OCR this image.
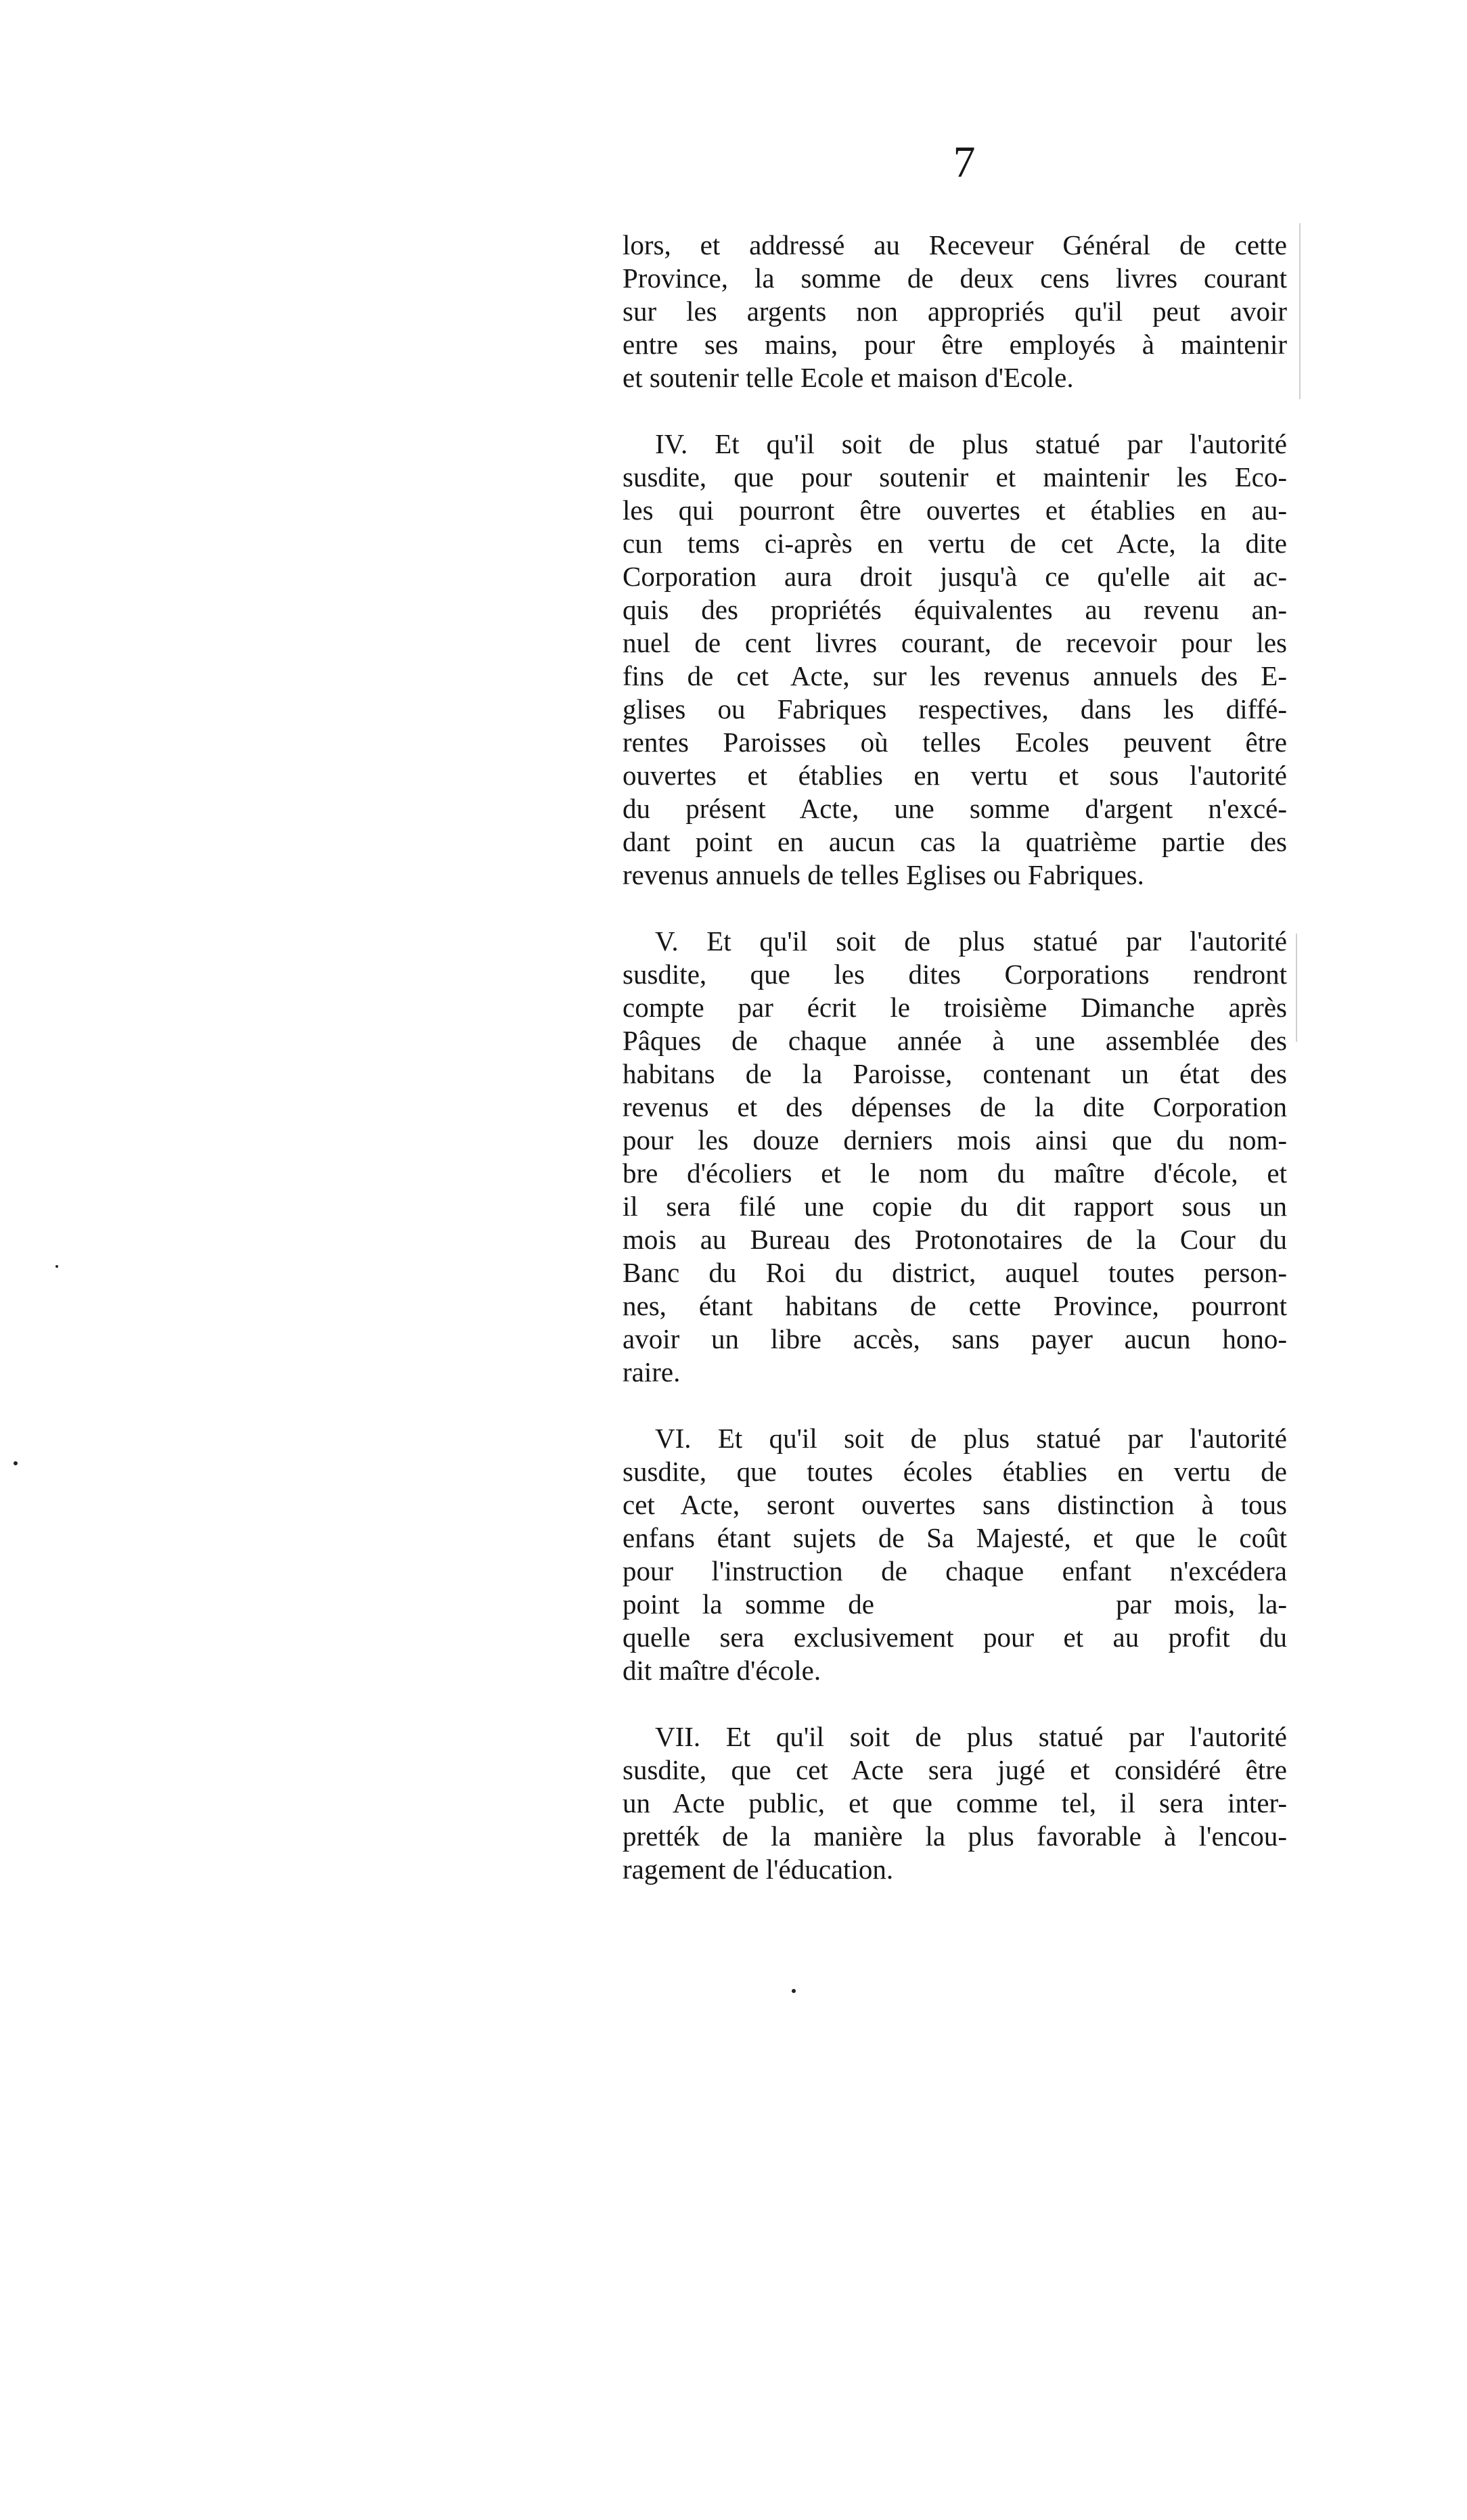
7
lors, et addressé au Receveur Général de cette
Province, la somme de deux cens livres courant
sur les argents non appropriés qu'il peut avoir
entre ses mains, pour être employés à maintenir
et soutenir telle Ecole et maison d'Ecole.
IV. Et qu'il soit de plus statué par l'autorité
susdite, que pour soutenir et maintenir les Eco-
les qui pourront être ouvertes et établies en au-
cun tems ci-après en vertu de cet Acte, la dite
Corporation aura droit jusqu'à ce qu'elle ait ac-
quis des propriétés équivalentes au revenu an-
nuel de cent livres courant, de recevoir pour les
fins de cet Acte, sur les revenus annuels des E-
glises ou Fabriques respectives, dans les diffé-
rentes Paroisses où telles Ecoles peuvent être
ouvertes et établies en vertu et sous l'autorité
du présent Acte, une somme d'argent n'excé-
dant point en aucun cas la quatrième partie des
revenus annuels de telles Eglises ou Fabriques.
V. Et qu'il soit de plus statué par l'autorité
susdite, que les dites Corporations rendront
compte par écrit le troisième Dimanche après
Pâques de chaque année à une assemblée des
habitans de la Paroisse, contenant un état des
revenus et des dépenses de la dite Corporation
pour les douze derniers mois ainsi que du nom-
bre d'écoliers et le nom du maître d'école, et
il sera filé une copie du dit rapport sous un
mois au Bureau des Protonotaires de la Cour du
Banc du Roi du district, auquel toutes person-
nes, étant habitans de cette Province, pourront
avoir un libre accès, sans payer aucun hono-
raire.
VI. Et qu'il soit de plus statué par l'autorité
susdite, que toutes écoles établies en vertu de
cet Acte, seront ouvertes sans distinction à tous
enfans étant sujets de Sa Majesté, et que le coût
pour l'instruction de chaque enfant n'excédera
point la somme de	par mois, la-
quelle sera exclusivement pour et au profit du
dit maître d'école.
VII. Et qu'il soit de plus statué par l'autorité
susdite, que cet Acte sera jugé et considéré être
un Acte public, et que comme tel, il sera inter-
prették de la manière la plus favorable à l'encou-
ragement de l'éducation.
